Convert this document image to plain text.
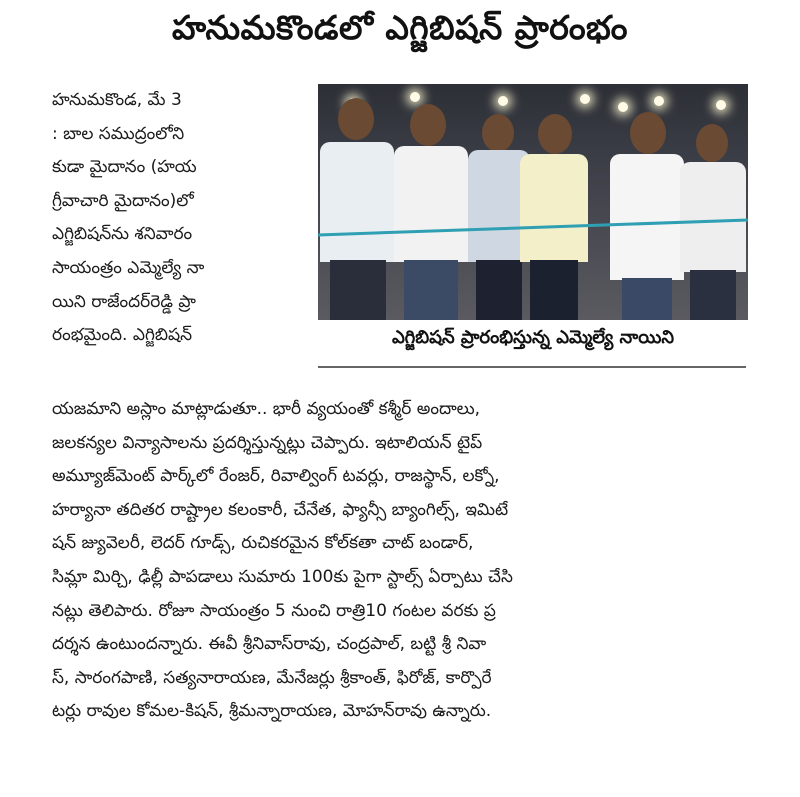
హనుమకొండలో ఎగ్జిబిషన్ ప్రారంభం
హనుమకొండ, మే 3
: బాల సముద్రంలోని
కుడా మైదానం (హయ
గ్రీవాచారి మైదానం)లో
ఎగ్జిబిషన్‌ను శనివారం
సాయంత్రం ఎమ్మెల్యే నా
యిని రాజేందర్‌రెడ్డి ప్రా
రంభమైంది. ఎగ్జిబిషన్	ఎగ్జిబిషన్ ప్రారంభిస్తున్న ఎమ్మెల్యే నాయిని
యజమాని అస్లాం మాట్లాడుతూ.. భారీ వ్యయంతో కశ్మీర్ అందాలు,
జలకన్యల విన్యాసాలను ప్రదర్శిస్తున్నట్లు చెప్పారు. ఇటాలియన్ టైప్
అమ్యూజ్‌మెంట్ పార్క్‌లో రేంజర్, రివాల్వింగ్ టవర్లు, రాజస్థాన్, లక్నో,
హర్యానా తదితర రాష్ట్రాల కలంకారీ, చేనేత, ఫ్యాన్సీ బ్యాంగిల్స్, ఇమిటే
షన్ జ్యువెలరీ, లెదర్ గూడ్స్, రుచికరమైన కోల్‌కతా చాట్ బండార్,
సిమ్లా మిర్చి, ఢిల్లీ పాపడాలు సుమారు 100కు పైగా స్టాల్స్ ఏర్పాటు చేసి
నట్లు తెలిపారు. రోజూ సాయంత్రం 5 నుంచి రాత్రి10 గంటల వరకు ప్ర
దర్శన ఉంటుందన్నారు. ఈవీ శ్రీనివాస్‌రావు, చంద్రపాల్, బట్టి శ్రీ నివా
స్, సారంగపాణి, సత్యనారాయణ, మేనేజర్లు శ్రీకాంత్, ఫిరోజ్, కార్పొరే
టర్లు రావుల కోమల-కిషన్, శ్రీమన్నారాయణ, మోహన్‌రావు ఉన్నారు.
